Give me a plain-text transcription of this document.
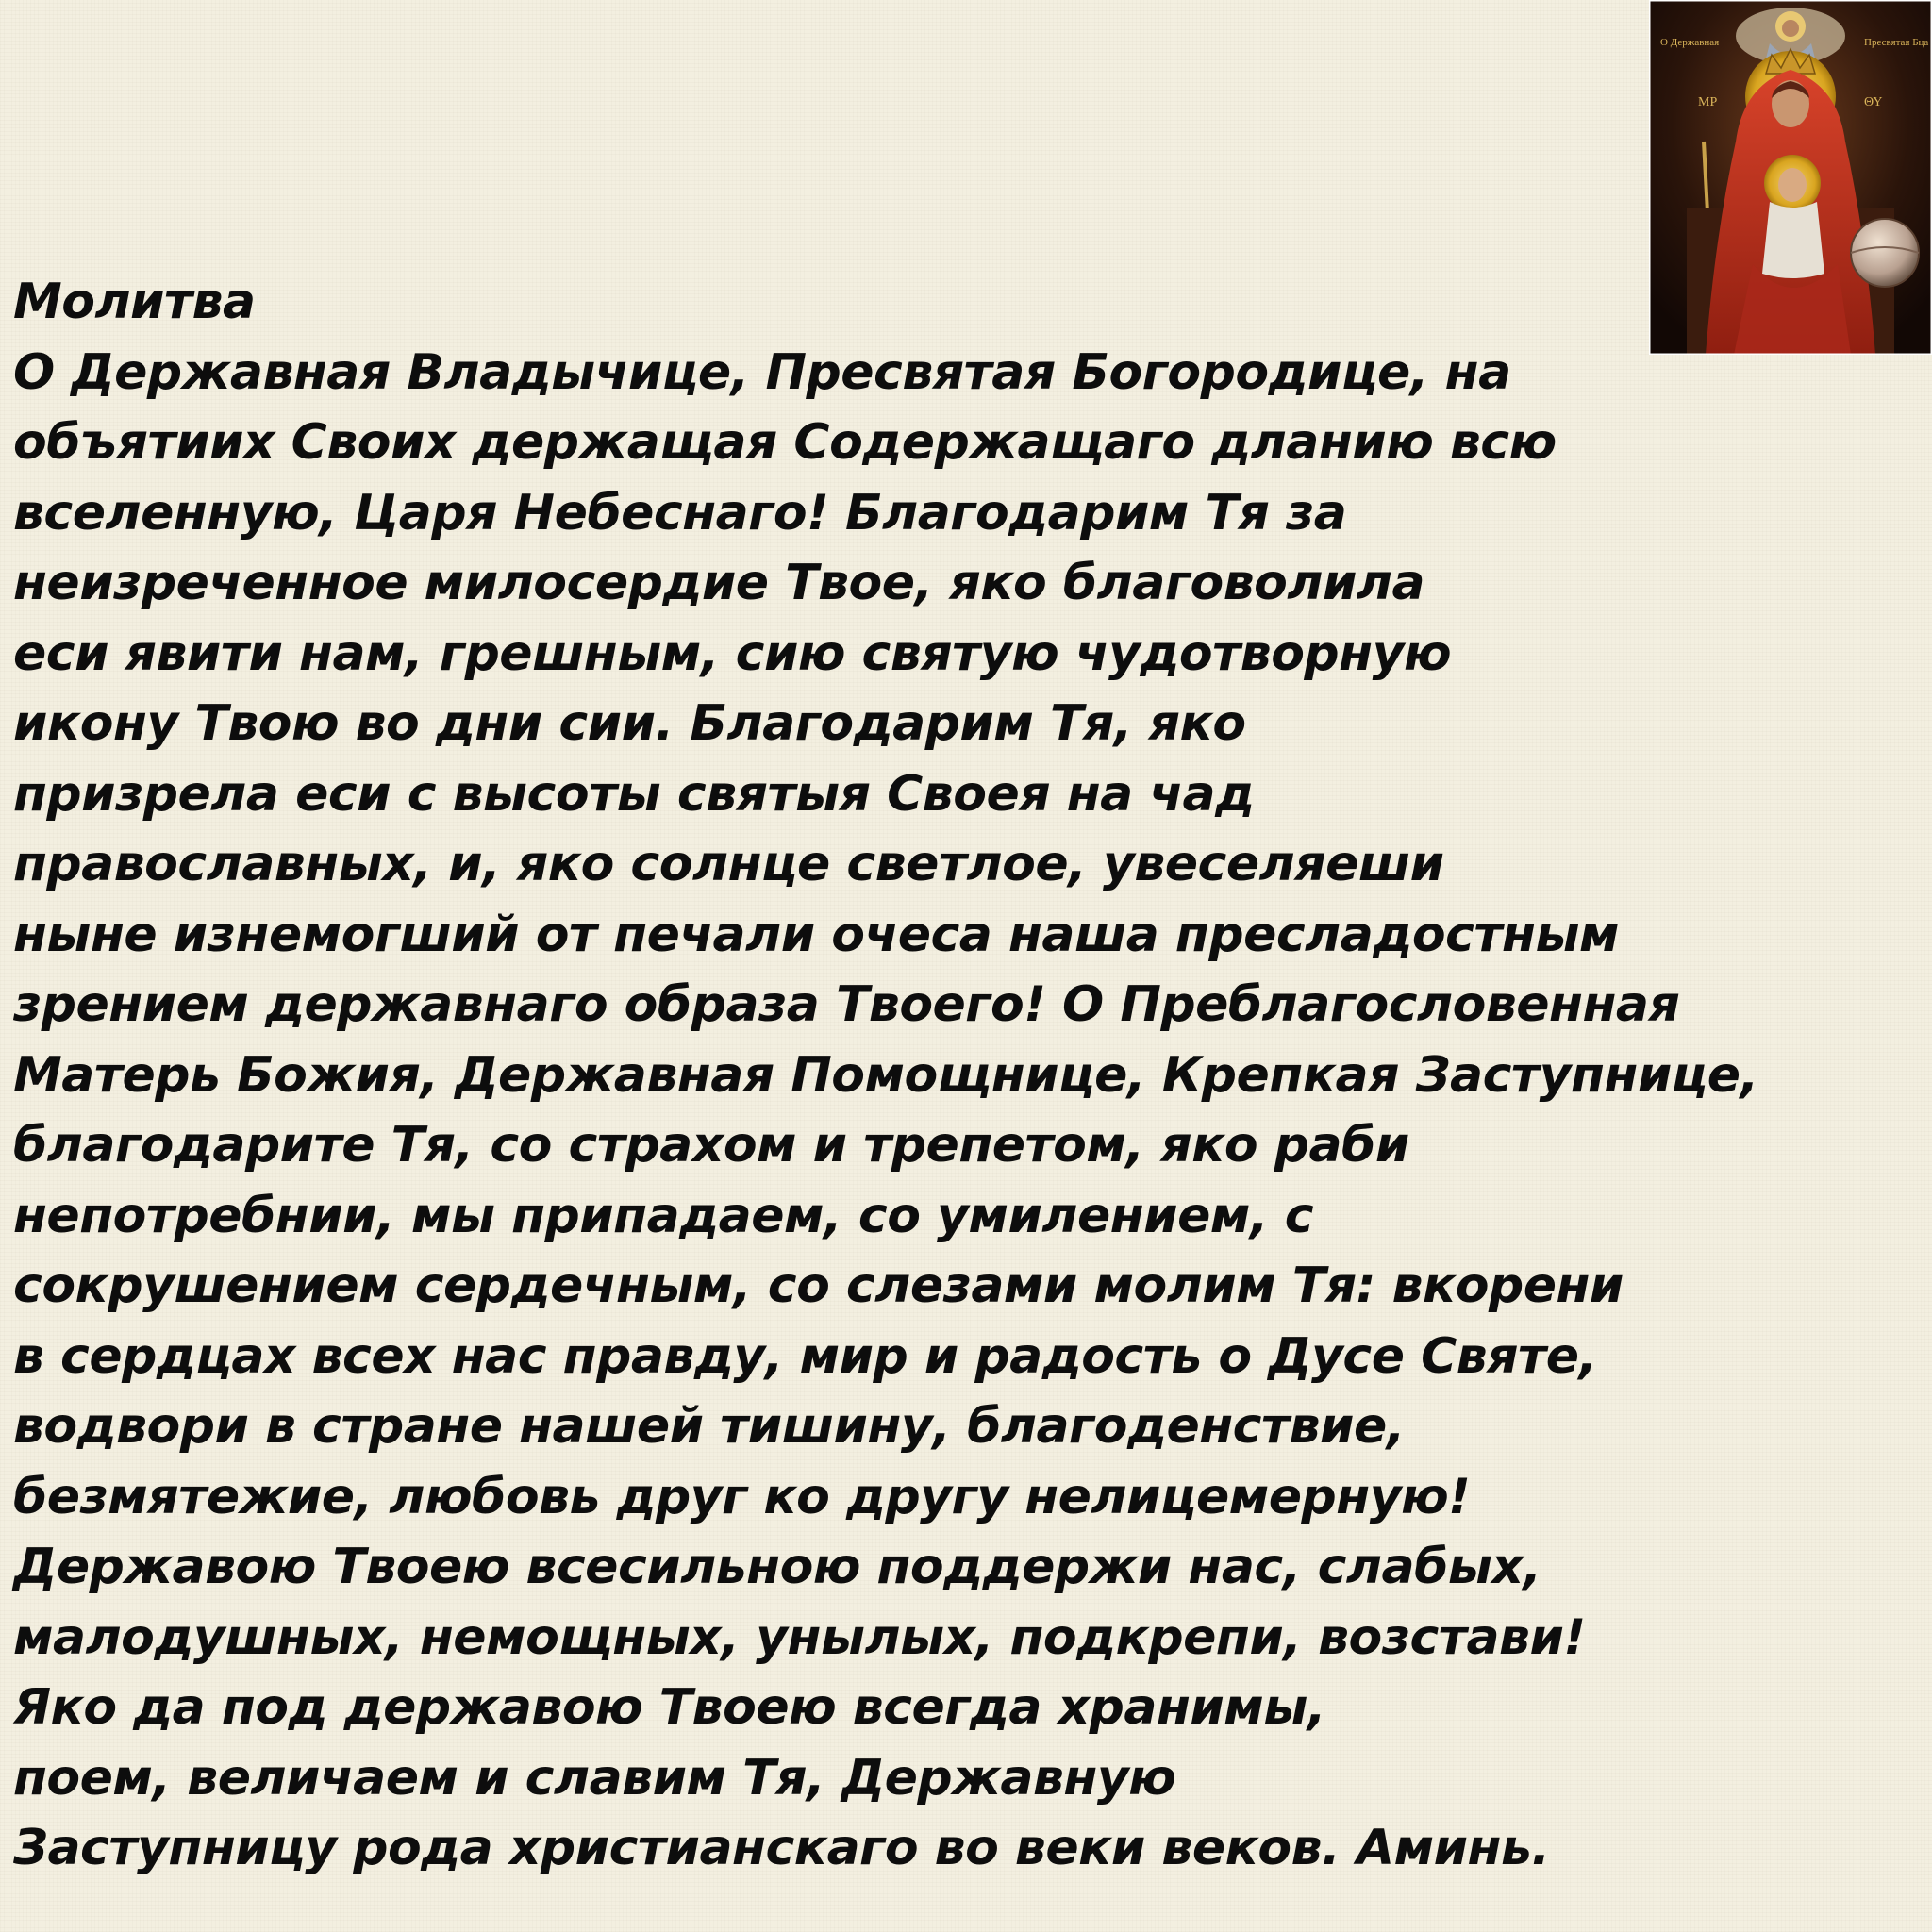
О Державная	Пресвятая Бца
МР	ΘΥ
Молитва
О Державная Владычице, Пресвятая Богородице, на
объятиих Своих держащая Содержащаго дланию всю
вселенную, Царя Небеснаго! Благодарим Тя за
неизреченное милосердие Твое, яко благоволила
еси явити нам, грешным, сию святую чудотворную
икону Твою во дни сии. Благодарим Тя, яко
призрела еси с высоты святыя Своея на чад
православных, и, яко солнце светлое, увеселяеши
ныне изнемогший от печали очеса наша пресладостным
зрением державнаго образа Твоего! О Преблагословенная
Матерь Божия, Державная Помощнице, Крепкая Заступнице,
благодарите Тя, со страхом и трепетом, яко раби
непотребнии, мы припадаем, со умилением, с
сокрушением сердечным, со слезами молим Тя: вкорени
в сердцах всех нас правду, мир и радость о Дусе Святе,
водвори в стране нашей тишину, благоденствие,
безмятежие, любовь друг ко другу нелицемерную!
Державою Твоею всесильною поддержи нас, слабых,
малодушных, немощных, унылых, подкрепи, возстави!
Яко да под державою Твоею всегда хранимы,
поем, величаем и славим Тя, Державную
Заступницу рода христианскаго во веки веков. Аминь.
